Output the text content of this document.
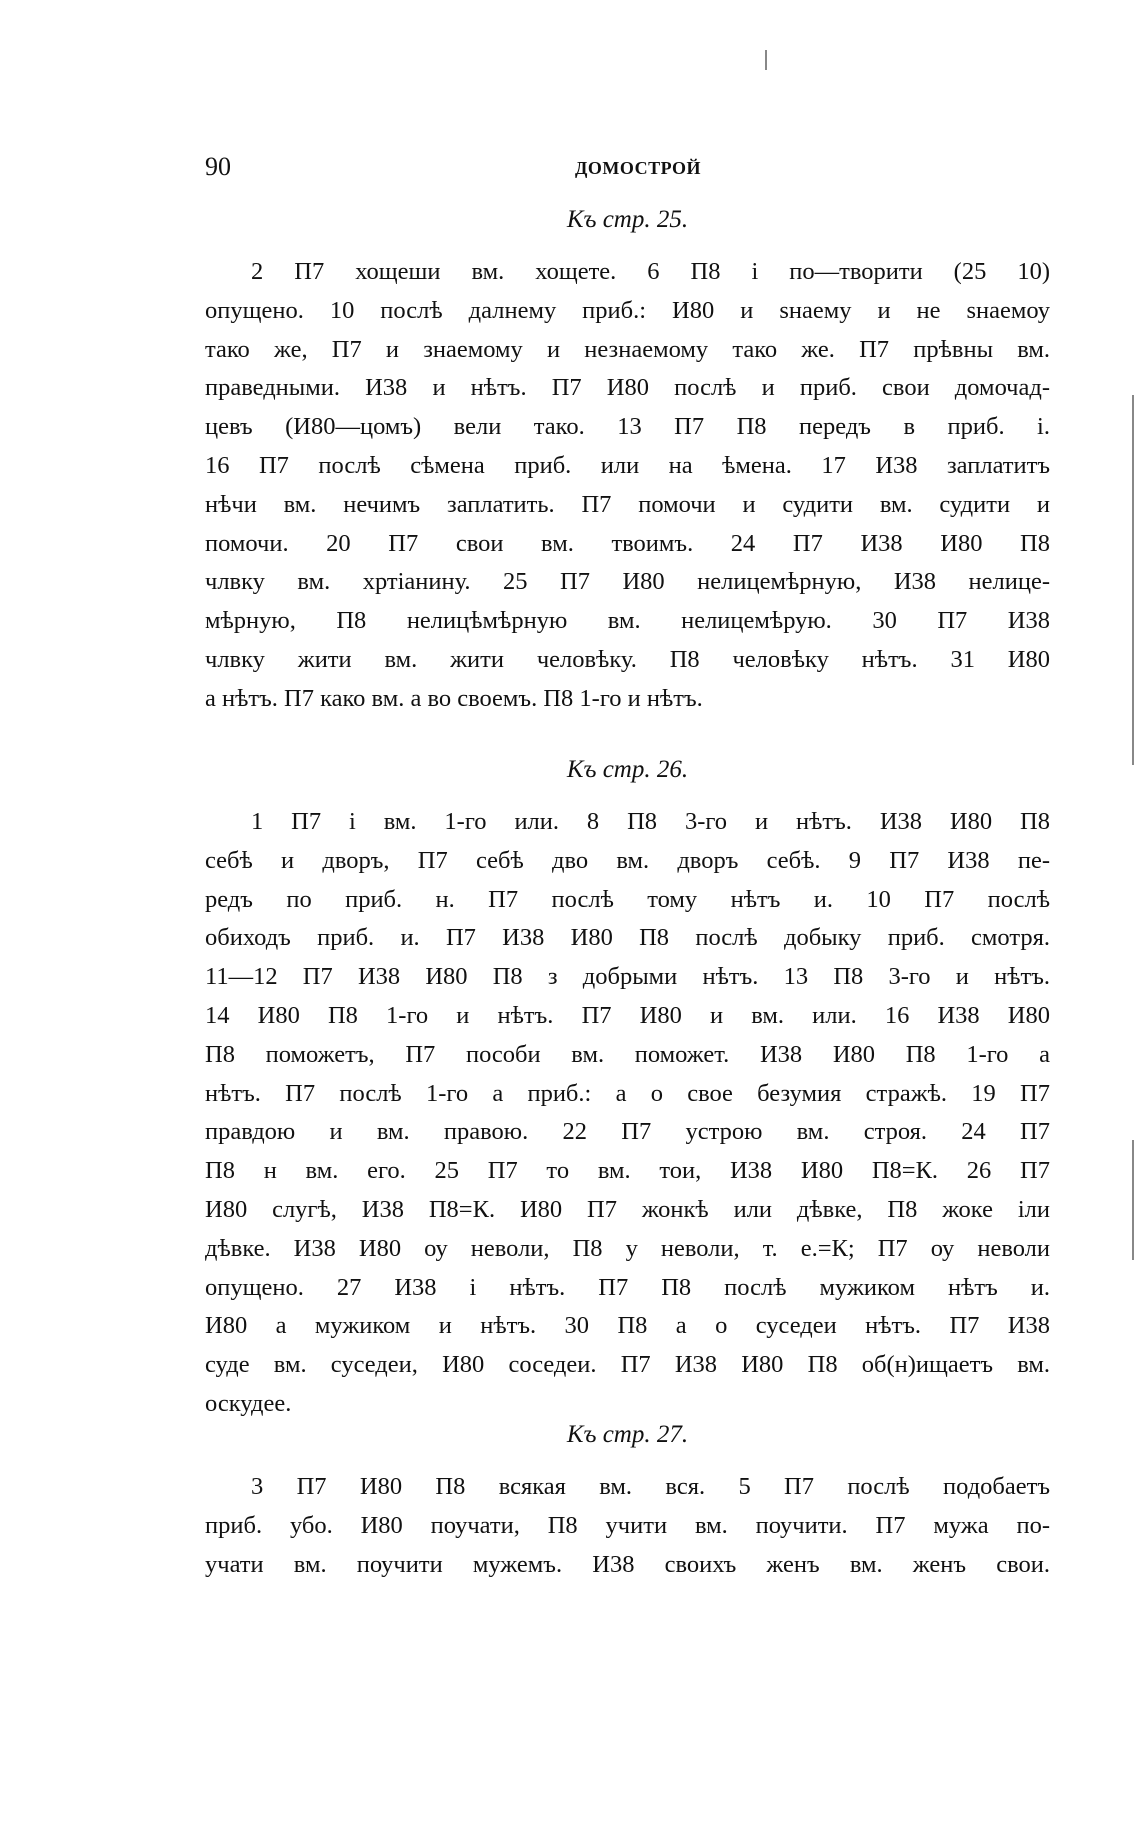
90	ДОМОСТРОЙ
Къ стр. 25.
2 П7 хощеши вм. хощете. 6 П8 і по—творити (25 10)
опущено. 10 послѣ далнему приб.: И80 и ѕнаему и не ѕнаемоу
тако же, П7 и знаемому и незнаемому тако же. П7 прѣвны вм.
праведными. И38 и нѣтъ. П7 И80 послѣ и приб. свои домочад-
цевъ (И80—цомъ) вели тако. 13 П7 П8 передъ в приб. і.
16 П7 послѣ сѣмена приб. или на ѣмена. 17 И38 заплатитъ
нѣчи вм. нечимъ заплатить. П7 помочи и судити вм. судити и
помочи. 20 П7 свои вм. твоимъ. 24 П7 И38 И80 П8
члвку вм. хртіанину. 25 П7 И80 нелицемѣрную, И38 нелице-
мѣрную, П8 нелицѣмѣрную вм. нелицемѣрую. 30 П7 И38
члвку жити вм. жити человѣку. П8 человѣку нѣтъ. 31 И80
а нѣтъ. П7 како вм. а во своемъ. П8 1-го и нѣтъ.
Къ стр. 26.
1 П7 і вм. 1-го или. 8 П8 3-го и нѣтъ. И38 И80 П8
себѣ и дворъ, П7 себѣ дво вм. дворъ себѣ. 9 П7 И38 пе-
редъ по приб. н. П7 послѣ тому нѣтъ и. 10 П7 послѣ
обиходъ приб. и. П7 И38 И80 П8 послѣ добыку приб. смотря.
11—12 П7 И38 И80 П8 з добрыми нѣтъ. 13 П8 3-го и нѣтъ.
14 И80 П8 1-го и нѣтъ. П7 И80 и вм. или. 16 И38 И80
П8 поможетъ, П7 пособи вм. поможет. И38 И80 П8 1-го а
нѣтъ. П7 послѣ 1-го а приб.: а о свое безумия стражѣ. 19 П7
правдою и вм. правою. 22 П7 устрою вм. строя. 24 П7
П8 н вм. его. 25 П7 то вм. тои, И38 И80 П8=К. 26 П7
И80 слугѣ, И38 П8=К. И80 П7 жонкѣ или дѣвке, П8 жоке іли
дѣвке. И38 И80 оу неволи, П8 у неволи, т. е.=К; П7 оу неволи
опущено. 27 И38 і нѣтъ. П7 П8 послѣ мужиком нѣтъ и.
И80 а мужиком и нѣтъ. 30 П8 а о суседеи нѣтъ. П7 И38
суде вм. суседеи, И80 соседеи. П7 И38 И80 П8 об(н)ищаетъ вм.
оскудее.
Къ стр. 27.
3 П7 И80 П8 всякая вм. вся. 5 П7 послѣ подобаетъ
приб. убо. И80 поучати, П8 учити вм. поучити. П7 мужа по-
учати вм. поучити мужемъ. И38 своихъ женъ вм. женъ свои.
